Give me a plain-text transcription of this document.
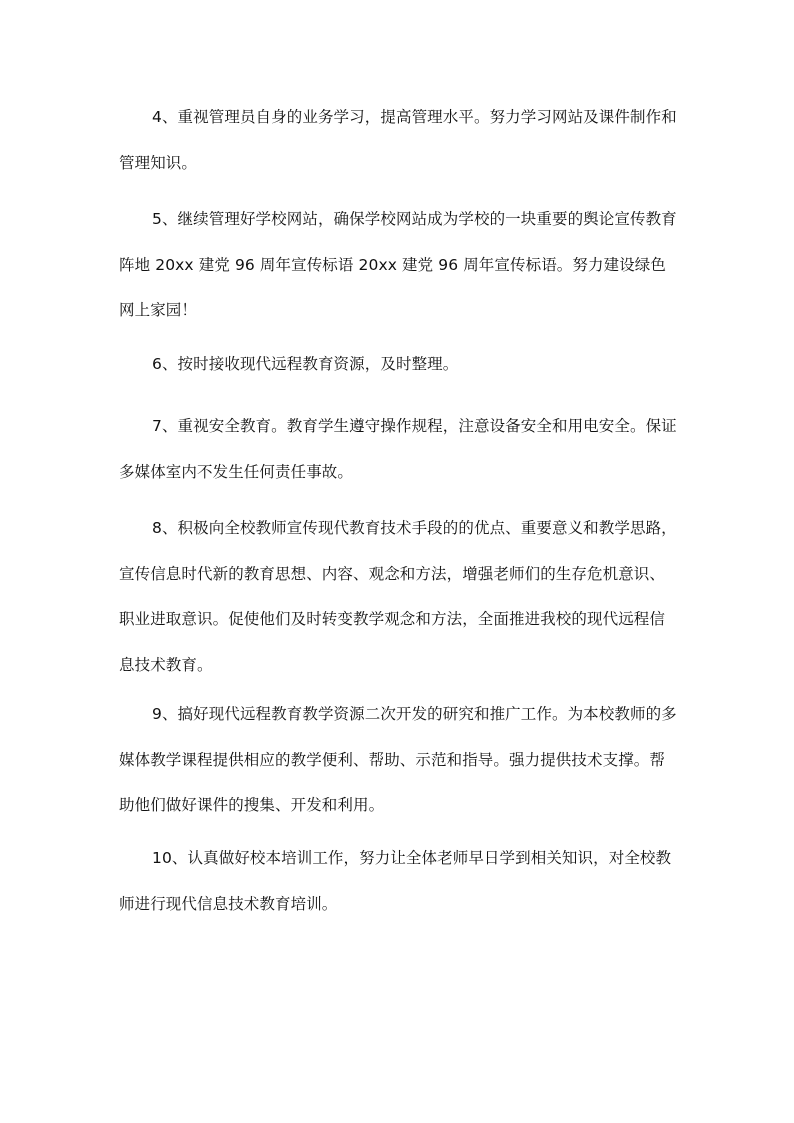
4、重视管理员自身的业务学习，提高管理水平。努力学习网站及课件制作和管理知识。

5、继续管理好学校网站，确保学校网站成为学校的一块重要的舆论宣传教育阵地 20xx 建党 96 周年宣传标语 20xx 建党 96 周年宣传标语。努力建设绿色网上家园！

6、按时接收现代远程教育资源，及时整理。

7、重视安全教育。教育学生遵守操作规程，注意设备安全和用电安全。保证多媒体室内不发生任何责任事故。

8、积极向全校教师宣传现代教育技术手段的的优点、重要意义和教学思路，宣传信息时代新的教育思想、内容、观念和方法，增强老师们的生存危机意识、职业进取意识。促使他们及时转变教学观念和方法，全面推进我校的现代远程信息技术教育。

9、搞好现代远程教育教学资源二次开发的研究和推广工作。为本校教师的多媒体教学课程提供相应的教学便利、帮助、示范和指导。强力提供技术支撑。帮助他们做好课件的搜集、开发和利用。

10、认真做好校本培训工作，努力让全体老师早日学到相关知识，对全校教师进行现代信息技术教育培训。
